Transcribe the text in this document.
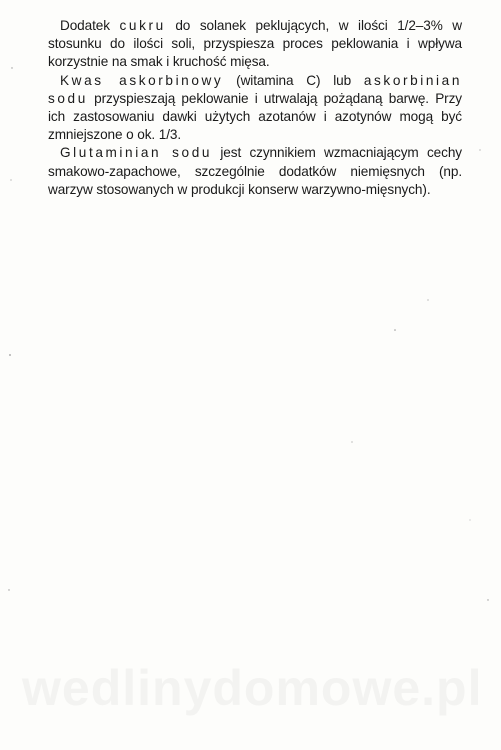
Dodatek cukru do solanek peklujących, w ilości 1/2–3% w stosunku do ilości soli, przyspiesza proces peklowania i wpływa korzystnie na smak i kruchość mięsa.

Kwas askorbinowy (witamina C) lub askorbinian sodu przyspieszają peklowanie i utrwalają pożądaną barwę. Przy ich zastosowaniu dawki użytych azotanów i azotynów mogą być zmniejszone o ok. 1/3.

Glutaminian sodu jest czynnikiem wzmacniającym cechy smakowo-zapachowe, szczególnie dodatków niemięsnych (np. warzyw stosowanych w produkcji konserw warzywno-mięsnych).

wedlinydomowe.pl
